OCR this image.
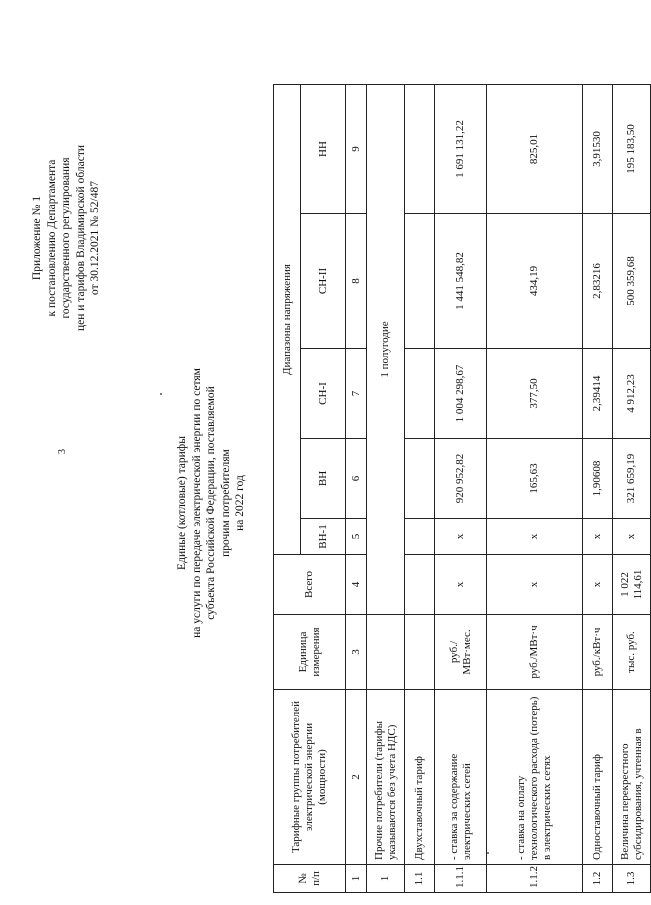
3
Приложение № 1 к постановлению Департамента государственного регулирования цен и тарифов Владимирской области от 30.12.2021 № 52/487
Единые (котловые) тарифы на услуги по передаче электрической энергии по сетям субъекта Российской Федерации, поставляемой прочим потребителям на 2022 год
№ п/п	Тарифные группы потребителей электрической энергии (мощности)	Единица измерения	Всего	Диапазоны напряжения				
				ВН-1	ВН	СН-I	СН-II	НН
1	2	3	4	5	6	7	8	9
1	Прочие потребители (тарифы указываются без учета НДС)		1 полугодие					
1.1	Двухставочный тариф							
1.1.1	- ставка за содержание электрических сетей	руб./ МВт·мес.	х	х	920 952,82	1 004 298,67	1 441 548,82	1 691 131,22
1.1.2	- ставка на оплату технологического расхода (потерь) в электрических сетях	руб./МВт·ч	х	х	165,63	377,50	434,19	825,01
1.2	Одноставочный тариф	руб./кВт·ч	х	х	1,90608	2,39414	2,83216	3,91530
1.3	Величина перекрестного субсидирования, учтенная в	тыс. руб.	1 022 114,61	х	321 659,19	4 912,23	500 359,68	195 183,50
